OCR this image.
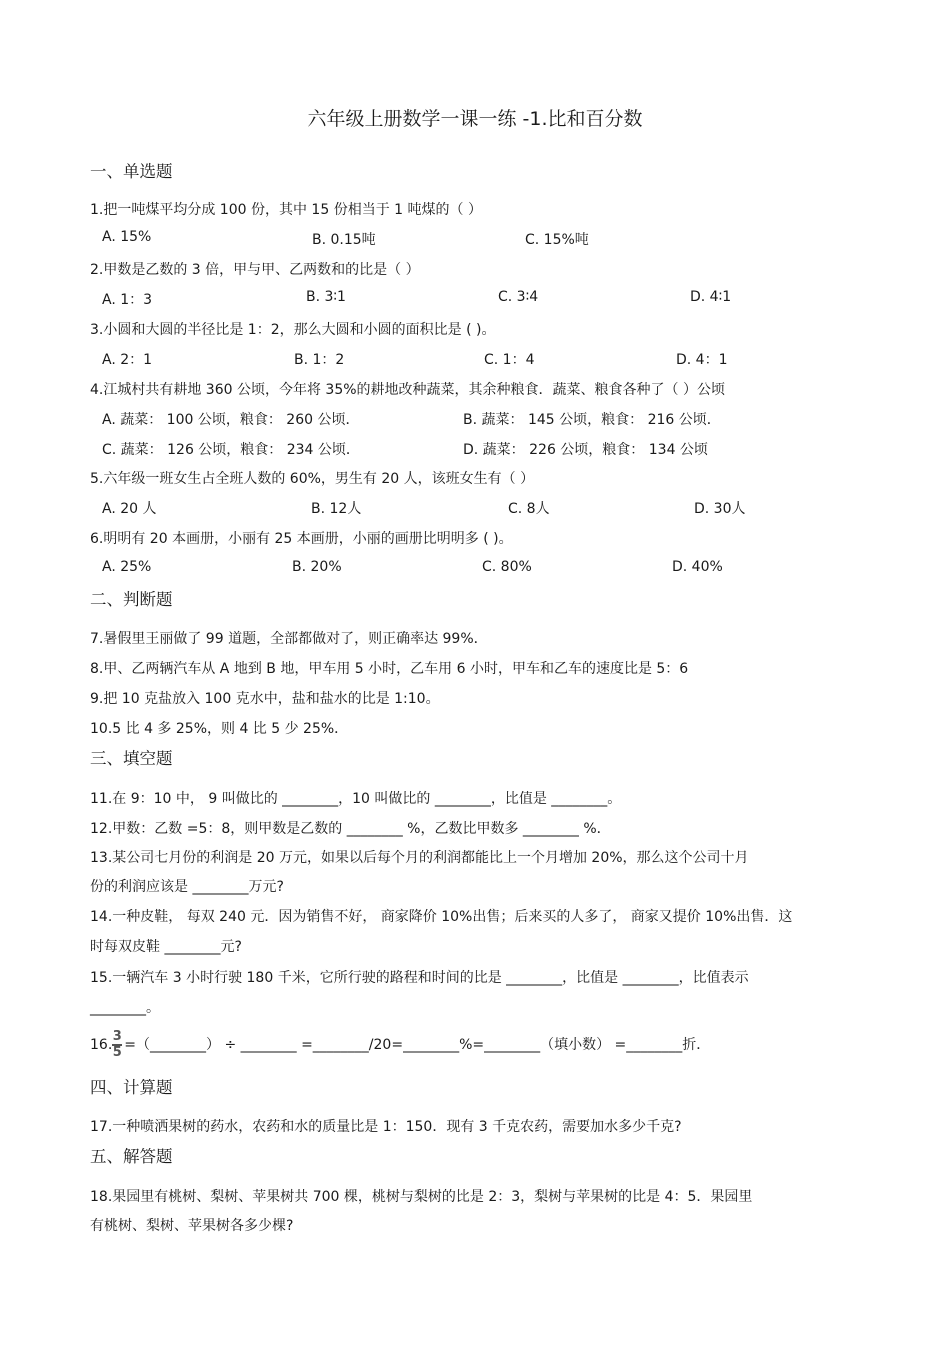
六年级上册数学一课一练 -1.比和百分数
一、单选题
1.把一吨煤平均分成 100 份，其中 15 份相当于 1 吨煤的（ ）
A. 15%	B. 0.15吨	C. 15%吨
2.甲数是乙数的 3 倍，甲与甲、乙两数和的比是（ ）
A. 1：3	B. 3∶1	C. 3∶4	D. 4∶1
3.小圆和大圆的半径比是 1：2，那么大圆和小圆的面积比是 ( )。
A. 2：1	B. 1：2	C. 1：4	D. 4：1
4.江城村共有耕地 360 公顷，今年将 35%的耕地改种蔬菜，其余种粮食．蔬菜、粮食各种了（ ）公顷
A. 蔬菜： 100 公顷，粮食： 260 公顷．	B. 蔬菜： 145 公顷，粮食： 216 公顷．
C. 蔬菜： 126 公顷，粮食： 234 公顷．	D. 蔬菜： 226 公顷，粮食： 134 公顷
5.六年级一班女生占全班人数的 60%，男生有 20 人，该班女生有（ ）
A. 20 人	B. 12人	C. 8人	D. 30人
6.明明有 20 本画册，小丽有 25 本画册，小丽的画册比明明多 ( )。
A. 25%	B. 20%	C. 80%	D. 40%
二、判断题
7.暑假里王丽做了 99 道题，全部都做对了，则正确率达 99%．
8.甲、乙两辆汽车从 A 地到 B 地，甲车用 5 小时，乙车用 6 小时，甲车和乙车的速度比是 5：6
9.把 10 克盐放入 100 克水中，盐和盐水的比是 1:10。
10.5 比 4 多 25%，则 4 比 5 少 25%．
三、填空题
11.在 9：10 中， 9 叫做比的 ________，10 叫做比的 ________，比值是 ________。
12.甲数：乙数 =5：8，则甲数是乙数的 ________ %，乙数比甲数多 ________ %．
13.某公司七月份的利润是 20 万元，如果以后每个月的利润都能比上一个月增加 20%，那么这个公司十月
份的利润应该是 ________万元?
14.一种皮鞋， 每双 240 元．因为销售不好， 商家降价 10%出售；后来买的人多了， 商家又提价 10%出售．这
时每双皮鞋 ________元?
15.一辆汽车 3 小时行驶 180 千米，它所行驶的路程和时间的比是 ________，比值是 ________，比值表示
________。
16. $\frac{3}{5}$ =（________） ÷ ________ =________/20=________%=________（填小数） =________折．
四、计算题
17.一种喷洒果树的药水，农药和水的质量比是 1：150．现有 3 千克农药，需要加水多少千克?
五、解答题
18.果园里有桃树、梨树、苹果树共 700 棵，桃树与梨树的比是 2：3，梨树与苹果树的比是 4：5．果园里
有桃树、梨树、苹果树各多少棵?
